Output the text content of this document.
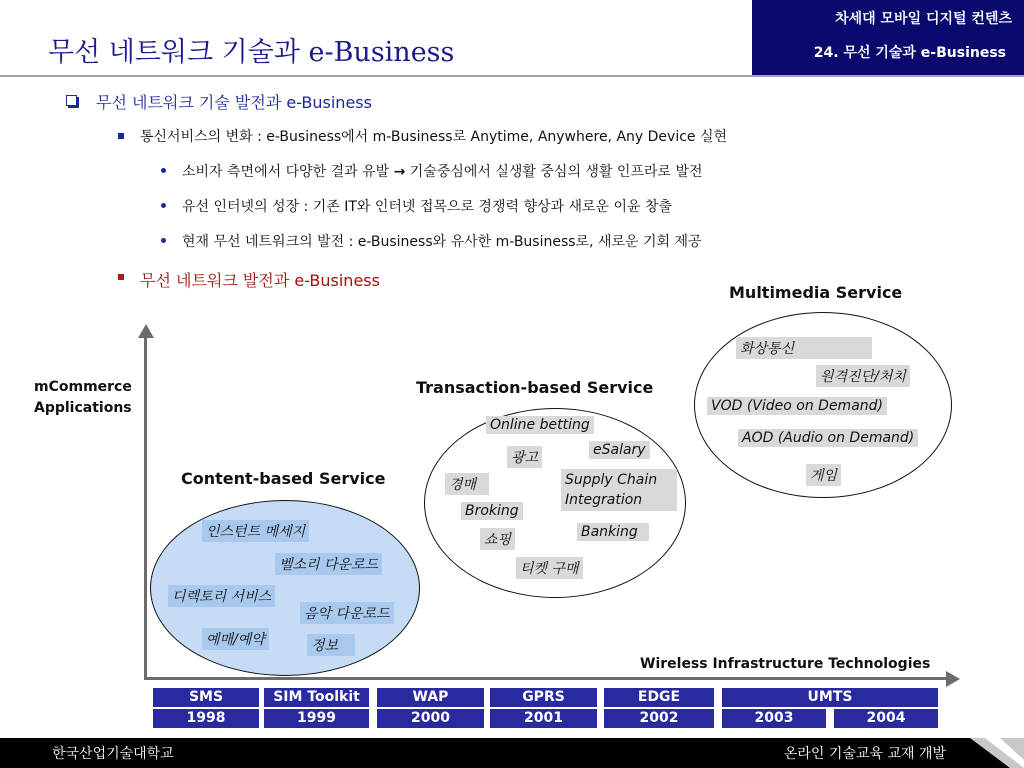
무선 네트워크 기술과 e-Business
차세대 모바일 디지털 컨텐츠
24. 무선 기술과 e-Business
무선 네트워크 기술 발전과 e-Business
통신서비스의 변화 : e-Business에서 m-Business로 Anytime, Anywhere, Any Device 실현
소비자 측면에서 다양한 결과 유발 → 기술중심에서 실생활 중심의 생활 인프라로 발전
유선 인터넷의 성장 : 기존 IT와 인터넷 접목으로 경쟁력 향상과 새로운 이윤 창출
현재 무선 네트워크의 발전 : e-Business와 유사한 m-Business로, 새로운 기회 제공
무선 네트워크 발전과 e-Business
mCommerce
Applications
Wireless Infrastructure Technologies
Content-based Service
인스턴트 메세지
벨소리 다운로드
디렉토리 서비스
음악 다운로드
예매/예약	정보
Transaction-based Service
Online betting
광고	eSalary
경매	Supply Chain
Integration
Broking
쇼핑	Banking
티켓 구매
Multimedia Service
화상통신
원격진단/처치
VOD (Video on Demand)
AOD (Audio on Demand)
게임
SMS	SIM Toolkit	WAP	GPRS	EDGE	UMTS
1998	1999	2000	2001	2002	2003	2004
한국산업기술대학교	온라인 기술교육 교재 개발
